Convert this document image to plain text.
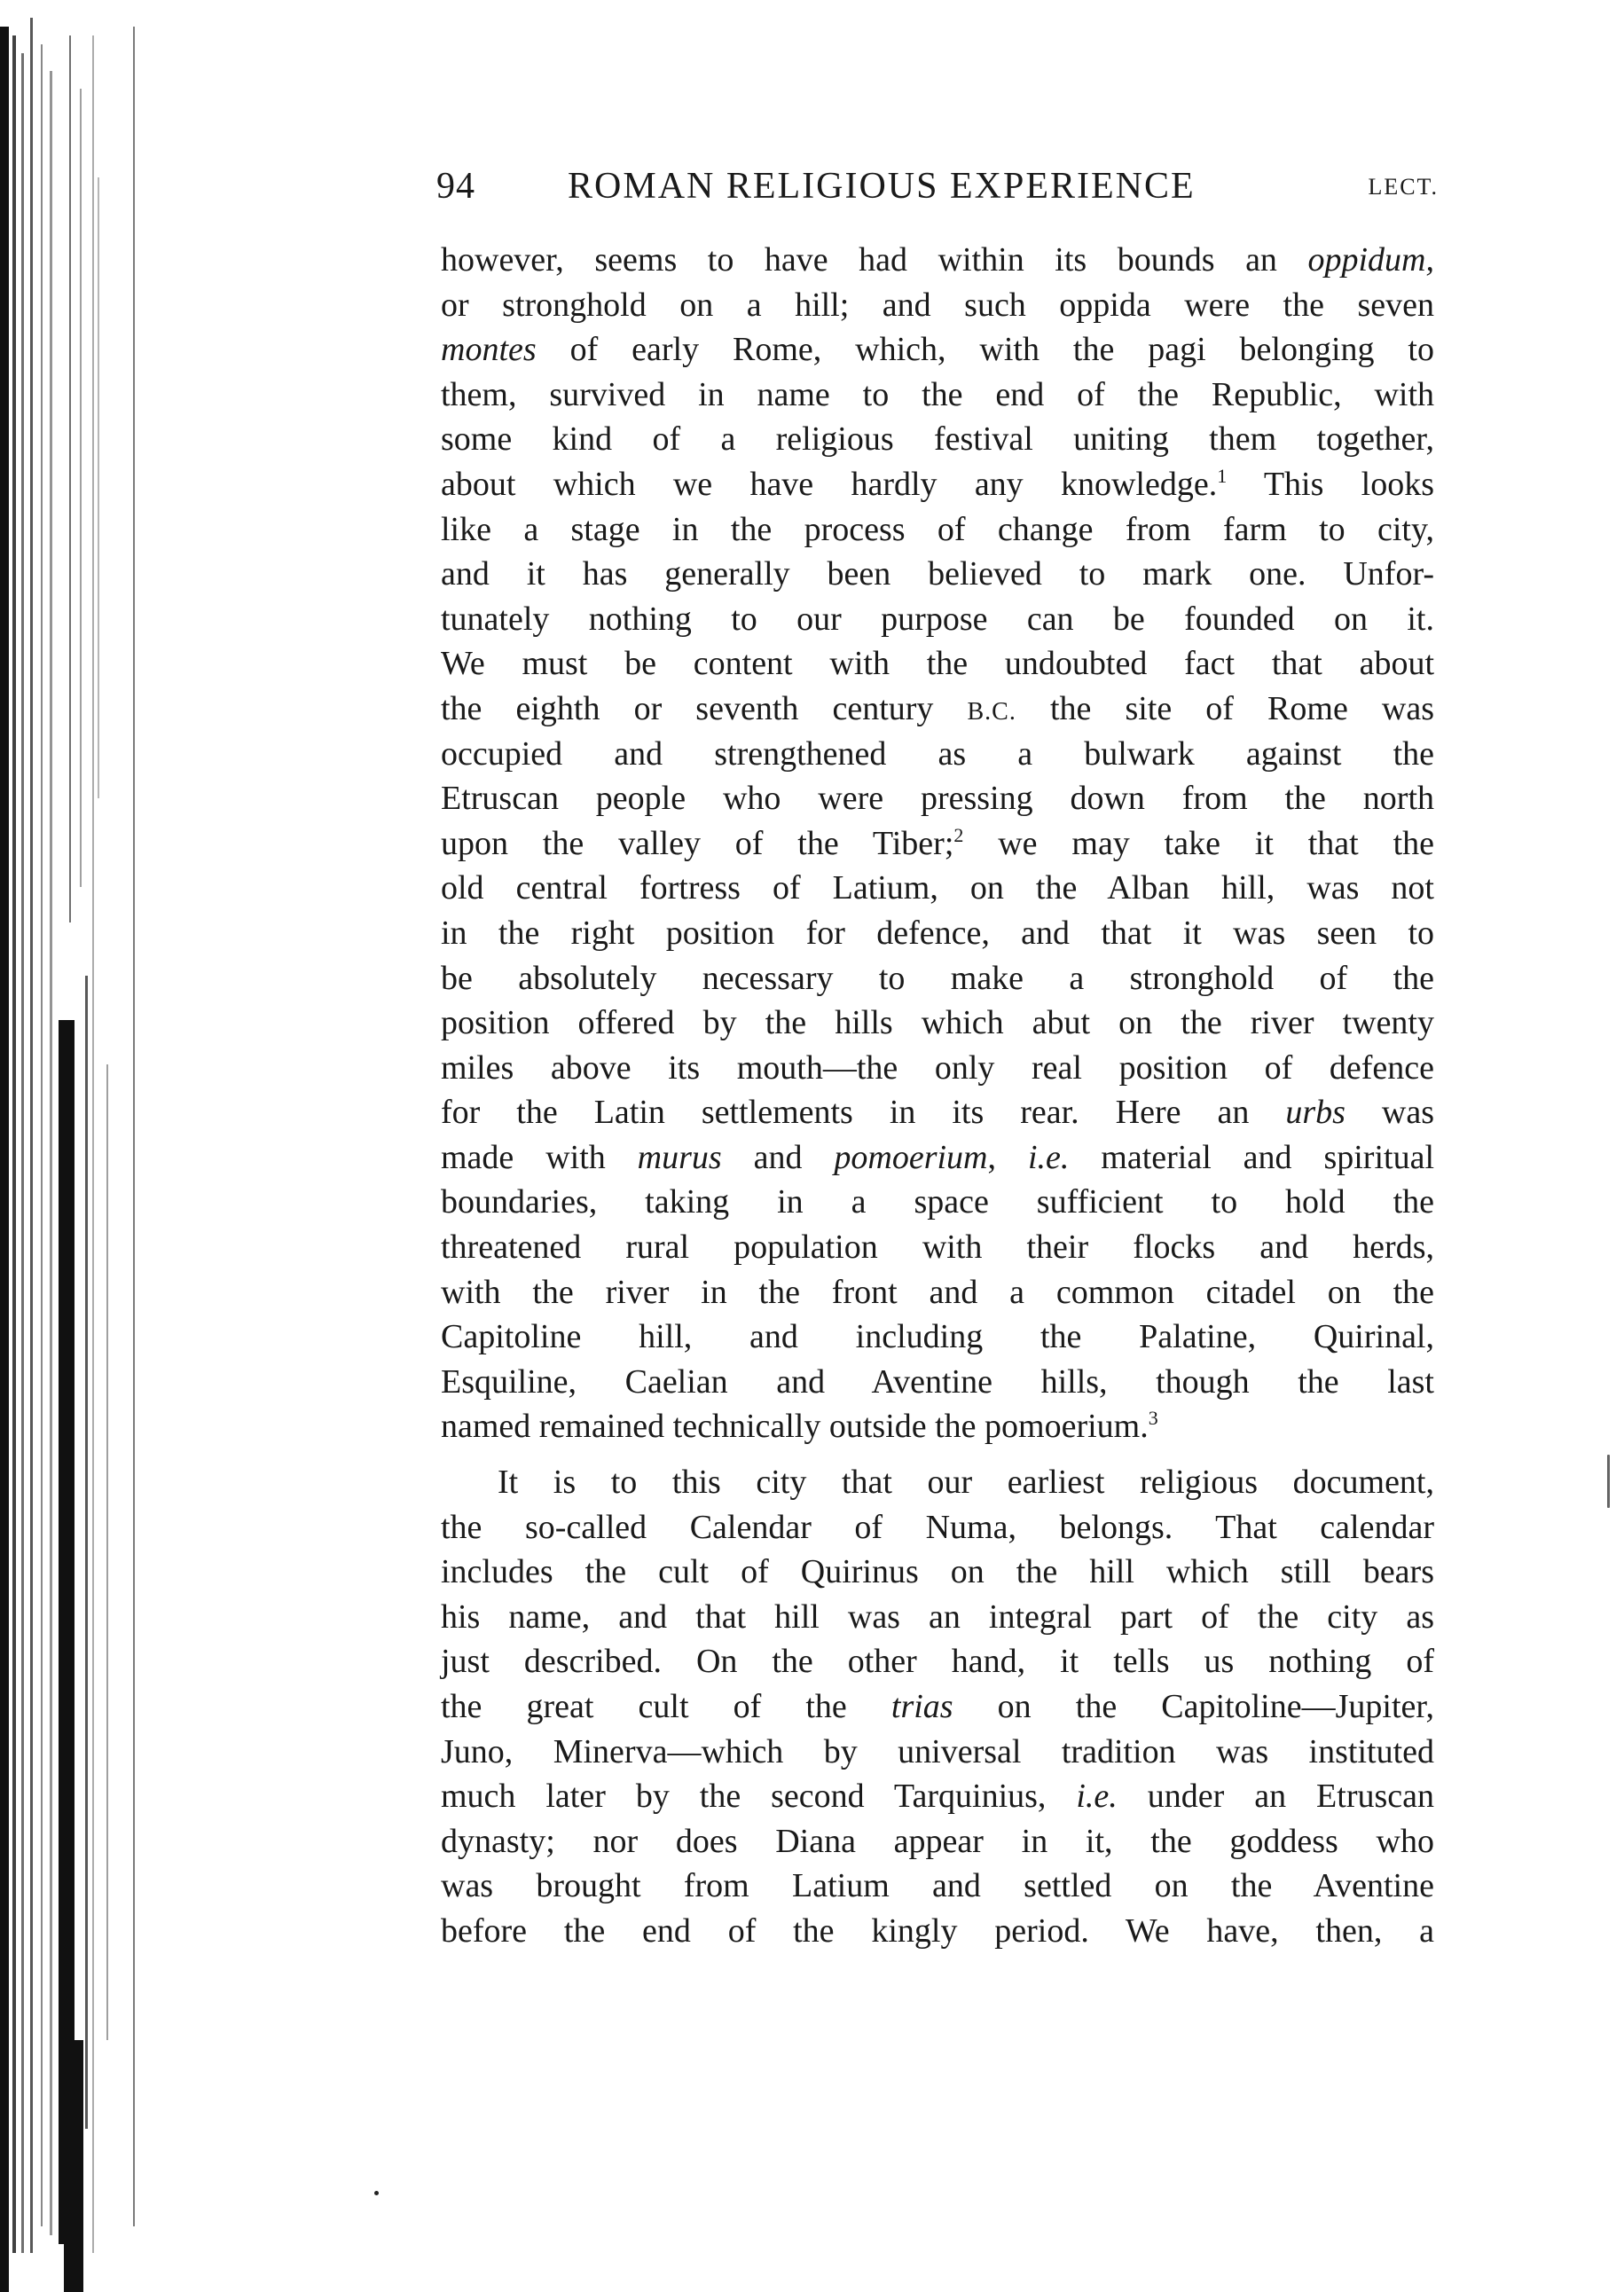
94 ROMAN RELIGIOUS EXPERIENCE	LECT.
however, seems to have had within its bounds an oppidum,
or stronghold on a hill; and such oppida were the seven
montes of early Rome, which, with the pagi belonging to
them, survived in name to the end of the Republic, with
some kind of a religious festival uniting them together,
about which we have hardly any knowledge.$^1$ This looks
like a stage in the process of change from farm to city,
and it has generally been believed to mark one. Unfor-
tunately nothing to our purpose can be founded on it.
We must be content with the undoubted fact that about
the eighth or seventh century B.C. the site of Rome was
occupied and strengthened as a bulwark against the
Etruscan people who were pressing down from the north
upon the valley of the Tiber;$^2$ we may take it that the
old central fortress of Latium, on the Alban hill, was not
in the right position for defence, and that it was seen to
be absolutely necessary to make a stronghold of the
position offered by the hills which abut on the river twenty
miles above its mouth—the only real position of defence
for the Latin settlements in its rear. Here an urbs was
made with murus and pomoerium, i.e. material and spiritual
boundaries, taking in a space sufficient to hold the
threatened rural population with their flocks and herds,
with the river in the front and a common citadel on the
Capitoline hill, and including the Palatine, Quirinal,
Esquiline, Caelian and Aventine hills, though the last
named remained technically outside the pomoerium.$^3$
It is to this city that our earliest religious document,
the so-called Calendar of Numa, belongs. That calendar
includes the cult of Quirinus on the hill which still bears
his name, and that hill was an integral part of the city as
just described. On the other hand, it tells us nothing of
the great cult of the trias on the Capitoline—Jupiter,
Juno, Minerva—which by universal tradition was instituted
much later by the second Tarquinius, i.e. under an Etruscan
dynasty; nor does Diana appear in it, the goddess who
was brought from Latium and settled on the Aventine
before the end of the kingly period. We have, then, a
